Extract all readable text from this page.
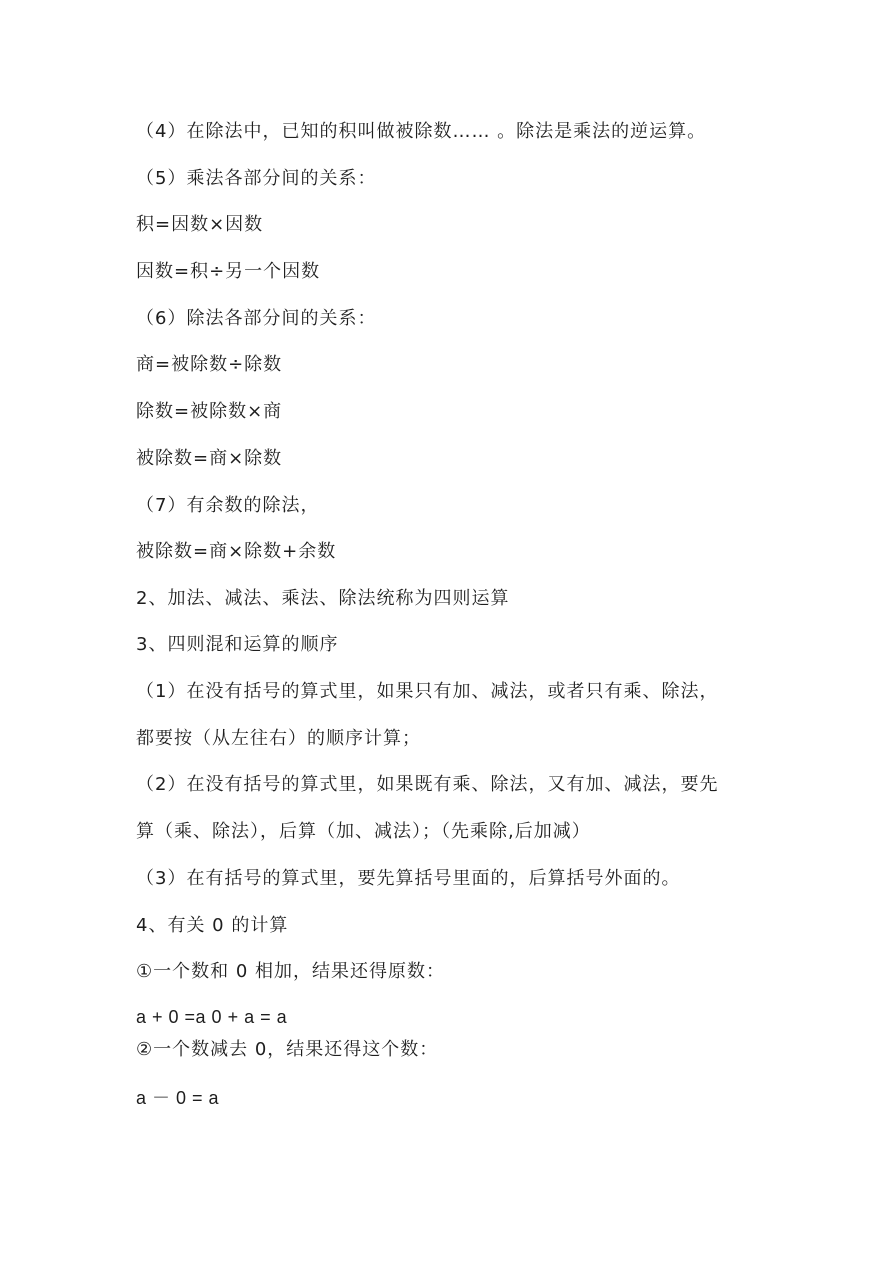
（4）在除法中，已知的积叫做被除数…… 。除法是乘法的逆运算。
（5）乘法各部分间的关系：
积=因数×因数
因数=积÷另一个因数
（6）除法各部分间的关系：
商=被除数÷除数
除数=被除数×商
被除数=商×除数
（7）有余数的除法，
被除数=商×除数+余数
2、加法、减法、乘法、除法统称为四则运算
3、四则混和运算的顺序
（1）在没有括号的算式里，如果只有加、减法，或者只有乘、除法，
都要按（从左往右）的顺序计算；
（2）在没有括号的算式里，如果既有乘、除法，又有加、减法，要先
算（乘、除法），后算（加、减法）；（先乘除,后加减）
（3）在有括号的算式里，要先算括号里面的，后算括号外面的。
4、有关 0 的计算
①一个数和 0 相加，结果还得原数：
a + 0 =a 0 + a = a
②一个数减去 0，结果还得这个数：
a － 0 = a
